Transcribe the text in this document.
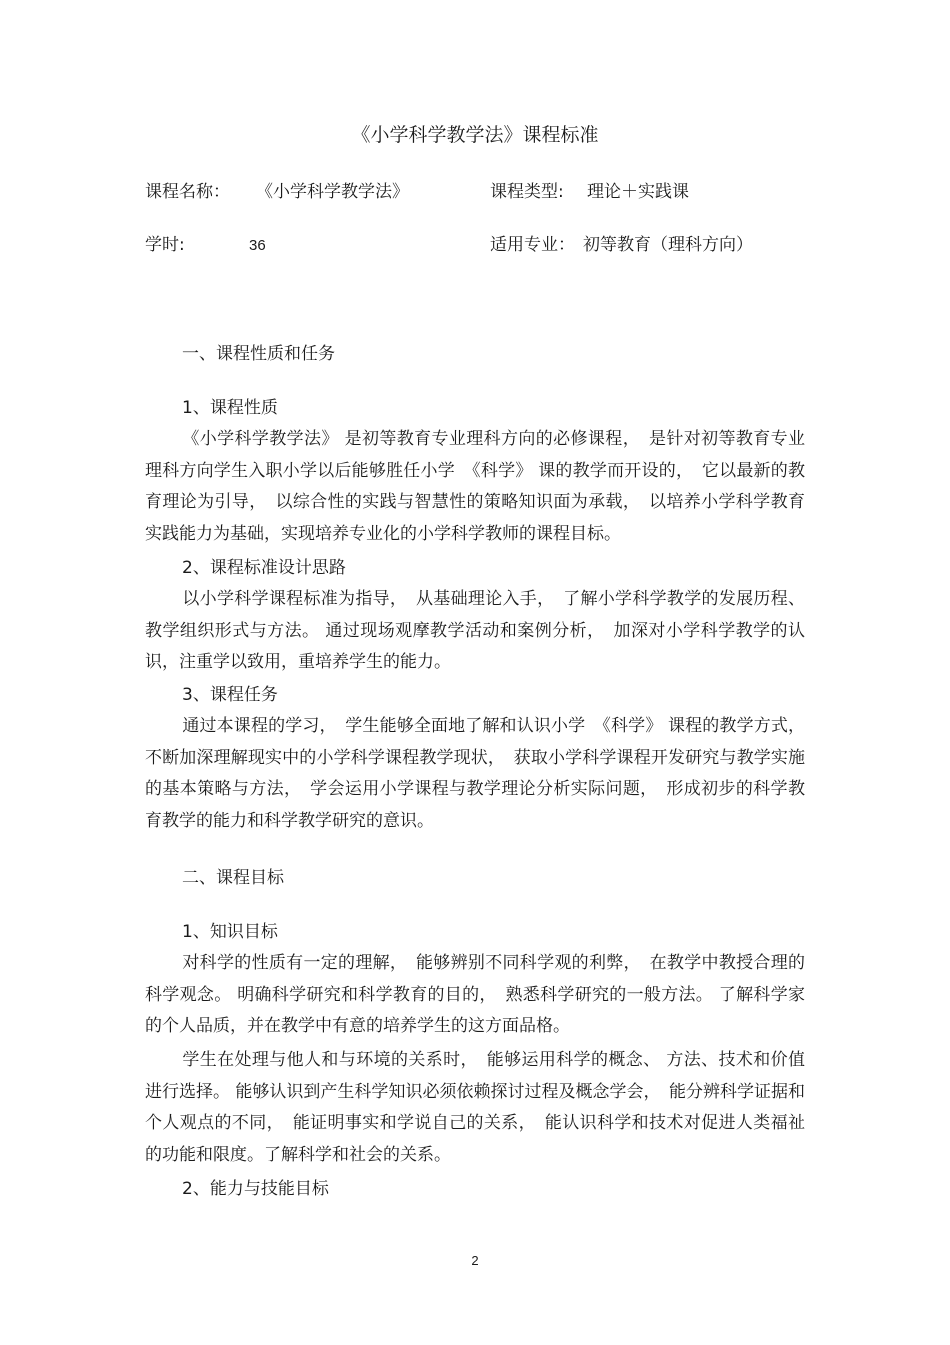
《小学科学教学法》课程标准
课程名称： 《小学科学教学法》	课程类型: 理论＋实践课
学时:	36	适用专业： 初等教育（理科方向）
一、课程性质和任务
1、课程性质

《小学科学教学法》 是初等教育专业理科方向的必修课程，　是针对初等教育专业理科方向学生入职小学以后能够胜任小学　《科学》 课的教学而开设的，　它以最新的教育理论为引导，　以综合性的实践与智慧性的策略知识面为承载，　以培养小学科学教育实践能力为基础，实现培养专业化的小学科学教师的课程目标。

2、课程标准设计思路

以小学科学课程标准为指导，　从基础理论入手，　了解小学科学教学的发展历程、教学组织形式与方法。 通过现场观摩教学活动和案例分析，　加深对小学科学教学的认识，注重学以致用，重培养学生的能力。

3、课程任务

通过本课程的学习，　学生能够全面地了解和认识小学　《科学》 课程的教学方式，不断加深理解现实中的小学科学课程教学现状，　获取小学科学课程开发研究与教学实施的基本策略与方法，　学会运用小学课程与教学理论分析实际问题，　形成初步的科学教育教学的能力和科学教学研究的意识。

二、课程目标
1、知识目标

对科学的性质有一定的理解，　能够辨别不同科学观的利弊，　在教学中教授合理的科学观念。 明确科学研究和科学教育的目的，　熟悉科学研究的一般方法。 了解科学家的个人品质，并在教学中有意的培养学生的这方面品格。

学生在处理与他人和与环境的关系时，　能够运用科学的概念、 方法、技术和价值进行选择。 能够认识到产生科学知识必须依赖探讨过程及概念学会，　能分辨科学证据和个人观点的不同，　能证明事实和学说自己的关系，　能认识科学和技术对促进人类福祉的功能和限度。了解科学和社会的关系。

2、能力与技能目标
2
